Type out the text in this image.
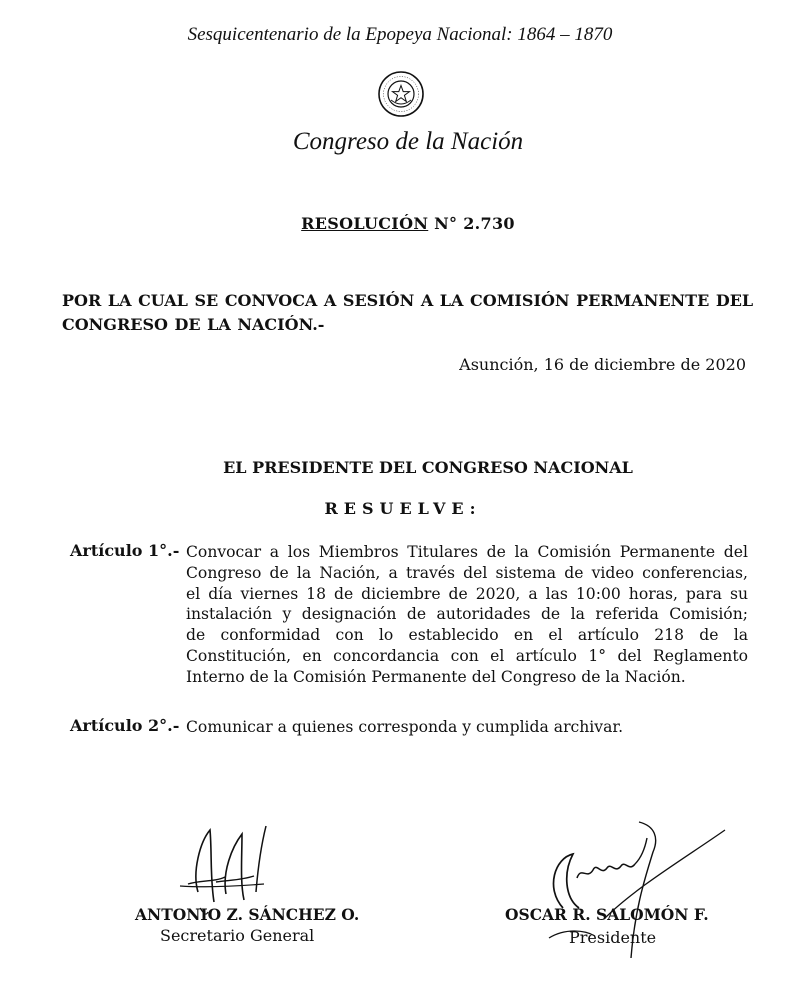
Sesquicentenario de la Epopeya Nacional: 1864 – 1870
Congreso de la Nación
RESOLUCIÓN N° 2.730
POR LA CUAL SE CONVOCA A SESIÓN A LA COMISIÓN PERMANENTE DEL
CONGRESO DE LA NACIÓN.-
Asunción, 16 de diciembre de 2020
EL PRESIDENTE DEL CONGRESO NACIONAL
RESUELVE:
Artículo 1°.- Convocar a los Miembros Titulares de la Comisión Permanente del
Congreso de la Nación, a través del sistema de video conferencias,
el día viernes 18 de diciembre de 2020, a las 10:00 horas, para su
instalación y designación de autoridades de la referida Comisión;
de conformidad con lo establecido en el artículo 218 de la
Constitución, en concordancia con el artículo 1° del Reglamento
Interno de la Comisión Permanente del Congreso de la Nación.
Artículo 2°.- Comunicar a quienes corresponda y cumplida archivar.
ANTONIO Z. SÁNCHEZ O.
Secretario General
OSCAR R. SALOMÓN F.
Presidente
